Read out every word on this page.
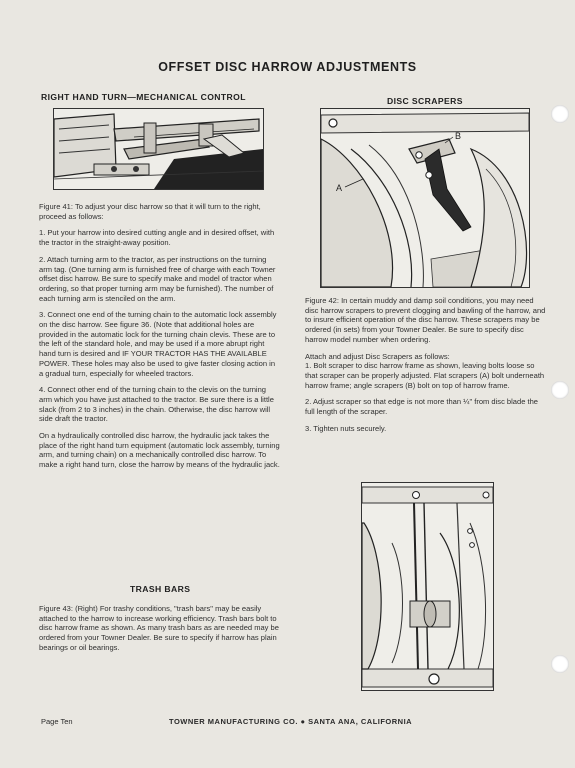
OFFSET DISC HARROW ADJUSTMENTS
RIGHT HAND TURN—MECHANICAL CONTROL

Figure 41: To adjust your disc harrow so that it will turn to the right, proceed as follows:

1. Put your harrow into desired cutting angle and in desired offset, with the tractor in the straight-away position.

2. Attach turning arm to the tractor, as per instructions on the turning arm tag. (One turning arm is furnished free of charge with each Towner offset disc harrow. Be sure to specify make and model of tractor when ordering, so that proper turning arm may be furnished). The number of each turning arm is stenciled on the arm.

3. Connect one end of the turning chain to the automatic lock assembly on the disc harrow. See figure 36. (Note that additional holes are provided in the automatic lock for the turning chain clevis. These are to the left of the standard hole, and may be used if a more abrupt right hand turn is desired and IF YOUR TRACTOR HAS THE AVAILABLE POWER. These holes may also be used to give faster closing action in a gradual turn, especially for wheeled tractors.

4. Connect other end of the turning chain to the clevis on the turning arm which you have just attached to the tractor. Be sure there is a little slack (from 2 to 3 inches) in the chain. Otherwise, the disc harrow will side draft the tractor.

On a hydraulically controlled disc harrow, the hydraulic jack takes the place of the right hand turn equipment (automatic lock assembly, turning arm, and turning chain) on a mechanically controlled disc harrow. To make a right hand turn, close the harrow by means of the hydraulic jack.

TRASH BARS

Figure 43: (Right) For trashy conditions, "trash bars" may be easily attached to the harrow to increase working efficiency. Trash bars bolt to disc harrow frame as shown. As many trash bars as are needed may be ordered from your Towner Dealer. Be sure to specify if harrow has plain bearings or oil bearings.

DISC SCRAPERS
B
A

Figure 42: In certain muddy and damp soil conditions, you may need disc harrow scrapers to prevent clogging and bawling of the harrow, and to insure efficient operation of the disc harrow. These scrapers may be ordered (in sets) from your Towner Dealer. Be sure to specify disc harrow model number when ordering.

Attach and adjust Disc Scrapers as follows:
1. Bolt scraper to disc harrow frame as shown, leaving bolts loose so that scraper can be properly adjusted. Flat scrapers (A) bolt underneath harrow frame; angle scrapers (B) bolt on top of harrow frame.

2. Adjust scraper so that edge is not more than ¼" from disc blade the full length of the scraper.

3. Tighten nuts securely.

Page Ten	TOWNER MANUFACTURING CO. ● SANTA ANA, CALIFORNIA
